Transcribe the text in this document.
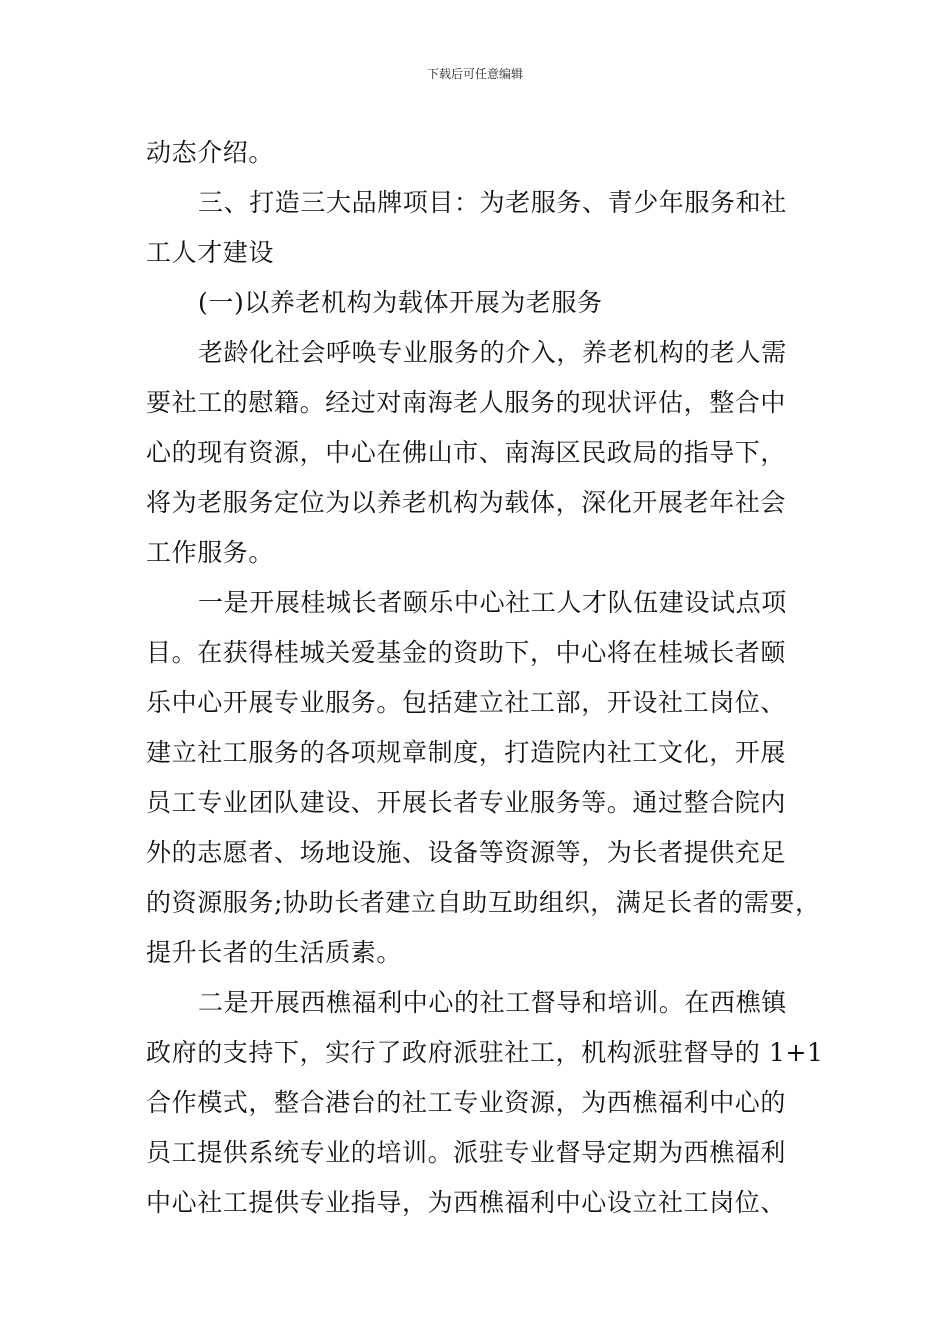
下载后可任意编辑
动态介绍。
三、打造三大品牌项目：为老服务、青少年服务和社
工人才建设
(一)以养老机构为载体开展为老服务
老龄化社会呼唤专业服务的介入，养老机构的老人需
要社工的慰籍。经过对南海老人服务的现状评估，整合中
心的现有资源，中心在佛山市、南海区民政局的指导下，
将为老服务定位为以养老机构为载体，深化开展老年社会
工作服务。
一是开展桂城长者颐乐中心社工人才队伍建设试点项
目。在获得桂城关爱基金的资助下，中心将在桂城长者颐
乐中心开展专业服务。包括建立社工部，开设社工岗位、
建立社工服务的各项规章制度，打造院内社工文化，开展
员工专业团队建设、开展长者专业服务等。通过整合院内
外的志愿者、场地设施、设备等资源等，为长者提供充足
的资源服务;协助长者建立自助互助组织，满足长者的需要，
提升长者的生活质素。
二是开展西樵福利中心的社工督导和培训。在西樵镇
政府的支持下，实行了政府派驻社工，机构派驻督导的 1+1
合作模式，整合港台的社工专业资源，为西樵福利中心的
员工提供系统专业的培训。派驻专业督导定期为西樵福利
中心社工提供专业指导，为西樵福利中心设立社工岗位、
